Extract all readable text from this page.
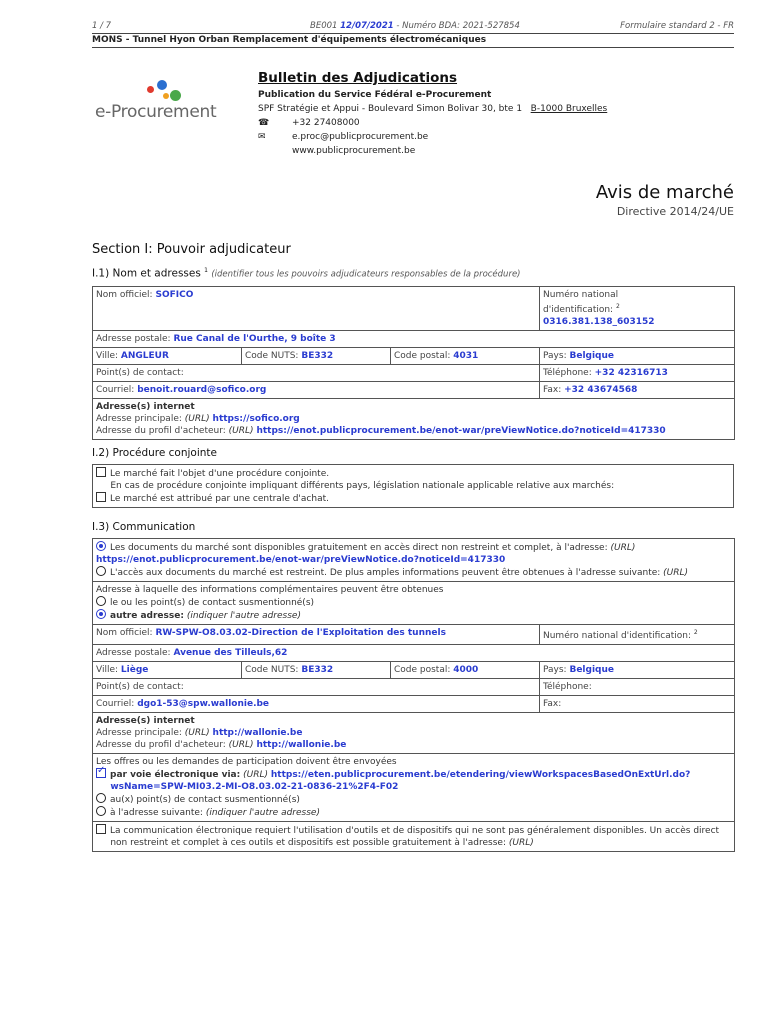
1 / 7	BE001 12/07/2021 - Numéro BDA: 2021-527854	Formulaire standard 2 - FR
MONS - Tunnel Hyon Orban Remplacement d'équipements électromécaniques
e-Procurement
Bulletin des Adjudications
Publication du Service Fédéral e-Procurement
SPF Stratégie et Appui - Boulevard Simon Bolivar 30, bte 1 B-1000 Bruxelles
☎	+32 27408000
✉	e.proc@publicprocurement.be
www.publicprocurement.be
Avis de marché
Directive 2014/24/UE
Section I: Pouvoir adjudicateur
I.1) Nom et adresses $^1$ (identifier tous les pouvoirs adjudicateurs responsables de la procédure)
Nom officiel: SOFICO			Numéro national
d'identification: $^2$ 0316.381.138_603152
Adresse postale: Rue Canal de l'Ourthe, 9 boîte 3			
Ville: ANGLEUR	Code NUTS: BE332	Code postal: 4031	Pays: Belgique
Point(s) de contact:			Téléphone: +32 42316713
Courriel: benoit.rouard@sofico.org			Fax: +32 43674568
Adresse(s) internet
Adresse principale: (URL) https://sofico.org
Adresse du profil d'acheteur: (URL) https://enot.publicprocurement.be/enot-war/preViewNotice.do?noticeId=417330			
I.2) Procédure conjointe
Le marché fait l'objet d'une procédure conjointe.
En cas de procédure conjointe impliquant différents pays, législation nationale applicable relative aux marchés:
Le marché est attribué par une centrale d'achat.
I.3) Communication
Les documents du marché sont disponibles gratuitement en accès direct non restreint et complet, à l'adresse: (URL)
https://enot.publicprocurement.be/enot-war/preViewNotice.do?noticeId=417330
L'accès aux documents du marché est restreint. De plus amples informations peuvent être obtenues à l'adresse suivante: (URL)			
Adresse à laquelle des informations complémentaires peuvent être obtenues
le ou les point(s) de contact susmentionné(s)
autre adresse: (indiquer l'autre adresse)			
Nom officiel: RW-SPW-O8.03.02-Direction de l'Exploitation des tunnels			Numéro national d'identification: $^2$
Adresse postale: Avenue des Tilleuls,62			
Ville: Liège	Code NUTS: BE332	Code postal: 4000	Pays: Belgique
Point(s) de contact:			Téléphone:
Courriel: dgo1-53@spw.wallonie.be			Fax:
Adresse(s) internet
Adresse principale: (URL) http://wallonie.be
Adresse du profil d'acheteur: (URL) http://wallonie.be			
Les offres ou les demandes de participation doivent être envoyées
✓par voie électronique via: (URL) https://eten.publicprocurement.be/etendering/viewWorkspacesBasedOnExtUrl.do?
wsName=SPW-MI03.2-MI-O8.03.02-21-0836-21%2F4-F02
au(x) point(s) de contact susmentionné(s)
à l'adresse suivante: (indiquer l'autre adresse)
La communication électronique requiert l'utilisation d'outils et de dispositifs qui ne sont pas généralement disponibles. Un accès direct
non restreint et complet à ces outils et dispositifs est possible gratuitement à l'adresse: (URL)			
